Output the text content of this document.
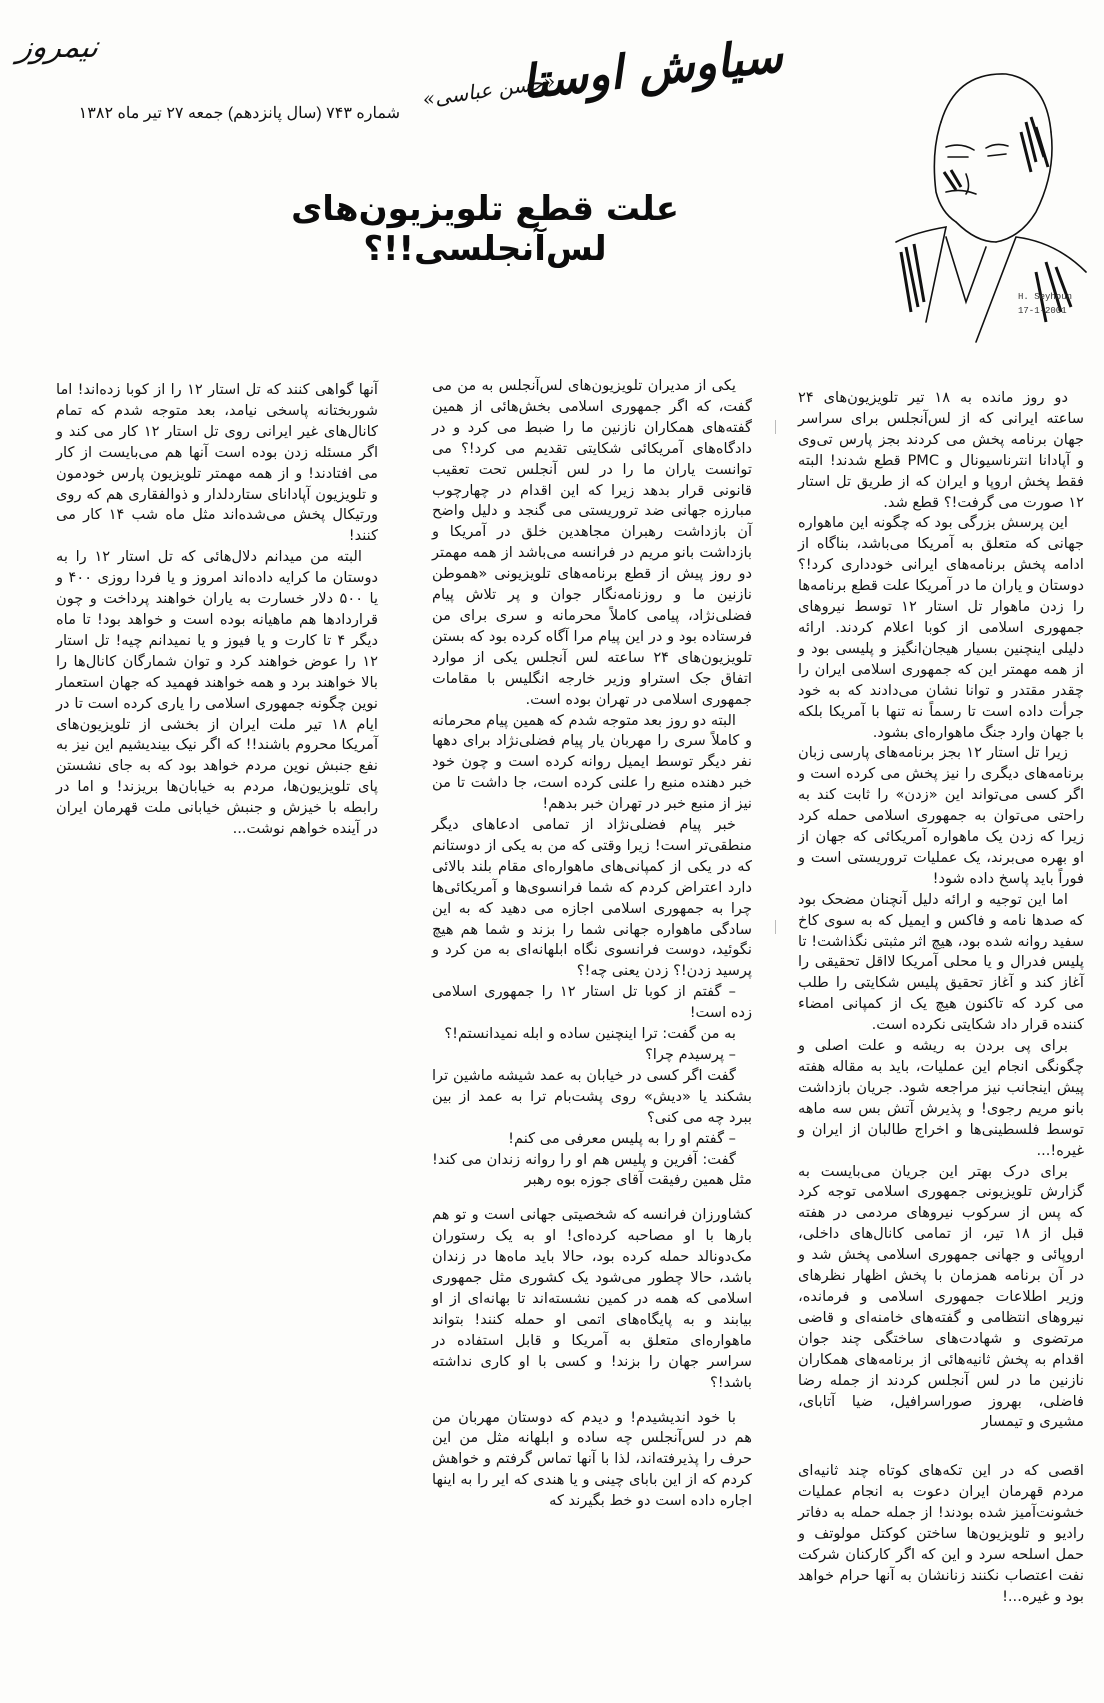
نیمروز	سیاوش اوستا
«حسن عباسی»
شماره ۷۴۳ (سال پانزدهم) جمعه ۲۷ تیر ماه ۱۳۸۲
علت قطع تلویزیون‌های لس‌آنجلسی!!؟
H. Seyhoun
17-1-2001

دو روز مانده به ۱۸ تیر تلویزیون‌های ۲۴ ساعته ایرانی که از لس‌آنجلس برای سراسر جهان برنامه پخش می کردند بجز پارس تی‌وی و آپادانا انترناسیونال و PMC قطع شدند! البته فقط پخش اروپا و ایران که از طریق تل استار ۱۲ صورت می گرفت!؟ قطع شد.

این پرسش بزرگی بود که چگونه این ماهواره جهانی که متعلق به آمریکا می‌باشد، بناگاه از ادامه پخش برنامه‌های ایرانی خودداری کرد!؟ دوستان و یاران ما در آمریکا علت قطع برنامه‌ها را زدن ماهوار تل استار ۱۲ توسط نیروهای جمهوری اسلامی از کوبا اعلام کردند. ارائه دلیلی اینچنین بسیار هیجان‌انگیز و پلیسی بود و از همه مهمتر این که جمهوری اسلامی ایران را چقدر مقتدر و توانا نشان می‌دادند که به خود جرأت داده است تا رسماً نه تنها با آمریکا بلکه با جهان وارد جنگ ماهواره‌ای بشود.

زیرا تل استار ۱۲ بجز برنامه‌های پارسی زبان برنامه‌های دیگری را نیز پخش می کرده است و اگر کسی می‌تواند این «زدن» را ثابت کند به راحتی می‌توان به جمهوری اسلامی حمله کرد زیرا که زدن یک ماهواره آمریکائی که جهان از او بهره می‌برند، یک عملیات تروریستی است و فوراً باید پاسخ داده شود!

اما این توجیه و ارائه دلیل آنچنان مضحک بود که صدها نامه و فاکس و ایمیل که به سوی کاخ سفید روانه شده بود، هیچ اثر مثبتی نگذاشت! تا پلیس فدرال و یا محلی آمریکا لااقل تحقیقی را آغاز کند و آغاز تحقیق پلیس شکایتی را طلب می کرد که تاکنون هیچ یک از کمپانی امضاء کننده قرار داد شکایتی نکرده است.

برای پی بردن به ریشه و علت اصلی و چگونگی انجام این عملیات، باید به مقاله هفته پیش اینجانب نیز مراجعه شود. جریان بازداشت بانو مریم رجوی! و پذیرش آتش بس سه ماهه توسط فلسطینی‌ها و اخراج طالبان از ایران و غیره!...

برای درک بهتر این جریان می‌بایست به گزارش تلویزیونی جمهوری اسلامی توجه کرد که پس از سرکوب نیروهای مردمی در هفته قبل از ۱۸ تیر، از تمامی کانال‌های داخلی، اروپائی و جهانی جمهوری اسلامی پخش شد و در آن برنامه همزمان با پخش اظهار نظرهای وزیر اطلاعات جمهوری اسلامی و فرمانده، نیروهای انتظامی و گفته‌های خامنه‌ای و قاضی مرتضوی و شهادت‌های ساختگی چند جوان اقدام به پخش ثانیه‌هائی از برنامه‌های همکاران نازنین ما در لس آنجلس کردند از جمله رضا فاضلی، بهروز صوراسرافیل، ضیا آتابای، مشیری و تیمسار

اقصی که در این تکه‌های کوتاه چند ثانیه‌ای مردم قهرمان ایران دعوت به انجام عملیات خشونت‌آمیز شده بودند! از جمله حمله به دفاتر رادیو و تلویزیون‌ها ساختن کوکتل مولوتف و حمل اسلحه سرد و این که اگر کارکنان شرکت نفت اعتصاب نکنند زنانشان به آنها حرام خواهد بود و غیره...!

یکی از مدیران تلویزیون‌های لس‌آنجلس به من می گفت، که اگر جمهوری اسلامی بخش‌هائی از همین گفته‌های همکاران نازنین ما را ضبط می کرد و در دادگاه‌های آمریکائی شکایتی تقدیم می کرد!؟ می توانست یاران ما را در لس آنجلس تحت تعقیب قانونی قرار بدهد زیرا که این اقدام در چهارچوب مبارزه جهانی ضد تروریستی می گنجد و دلیل واضح آن بازداشت رهبران مجاهدین خلق در آمریکا و بازداشت بانو مریم در فرانسه می‌باشد از همه مهمتر دو روز پیش از قطع برنامه‌های تلویزیونی «هموطن نازنین ما و روزنامه‌نگار جوان و پر تلاش پیام فضلی‌نژاد، پیامی کاملاً محرمانه و سری برای من فرستاده بود و در این پیام مرا آگاه کرده بود که بستن تلویزیون‌های ۲۴ ساعته لس آنجلس یکی از موارد اتفاق جک استراو وزیر خارجه انگلیس با مقامات جمهوری اسلامی در تهران بوده است.

البته دو روز بعد متوجه شدم که همین پیام محرمانه و کاملاً سری را مهربان یار پیام فضلی‌نژاد برای دهها نفر دیگر توسط ایمیل روانه کرده است و چون خود خبر دهنده منبع را علنی کرده است، جا داشت تا من نیز از منبع خبر در تهران خبر بدهم!

خبر پیام فضلی‌نژاد از تمامی ادعاهای دیگر منطقی‌تر است! زیرا وقتی که من به یکی از دوستانم که در یکی از کمپانی‌های ماهواره‌ای مقام بلند بالائی دارد اعتراض کردم که شما فرانسوی‌ها و آمریکائی‌ها چرا به جمهوری اسلامی اجازه می دهید که به این سادگی ماهواره جهانی شما را بزند و شما هم هیچ نگوئید، دوست فرانسوی نگاه ابلهانه‌ای به من کرد و پرسید زدن!؟ زدن یعنی چه!؟

– گفتم از کوبا تل استار ۱۲ را جمهوری اسلامی زده است!

به من گفت: ترا اینچنین ساده و ابله نمیدانستم!؟

– پرسیدم چرا؟

گفت اگر کسی در خیابان به عمد شیشه ماشین ترا بشکند یا «دیش» روی پشت‌بام ترا به عمد از بین ببرد چه می کنی؟

– گفتم او را به پلیس معرفی می کنم!

گفت: آفرین و پلیس هم او را روانه زندان می کند! مثل همین رفیقت آقای جوزه بوه رهبر

کشاورزان فرانسه که شخصیتی جهانی است و تو هم بارها با او مصاحبه کرده‌ای! او به یک رستوران مک‌دونالد حمله کرده بود، حالا باید ماه‌ها در زندان باشد، حالا چطور می‌شود یک کشوری مثل جمهوری اسلامی که همه در کمین نشسته‌اند تا بهانه‌ای از او بیابند و به پایگاه‌های اتمی او حمله کنند! بتواند ماهواره‌ای متعلق به آمریکا و قابل استفاده در سراسر جهان را بزند! و کسی با او کاری نداشته باشد!؟

با خود اندیشیدم! و دیدم که دوستان مهربان من هم در لس‌آنجلس چه ساده و ابلهانه مثل من این حرف را پذیرفته‌اند، لذا با آنها تماس گرفتم و خواهش کردم که از این بابای چینی و یا هندی که ایر را به اینها اجاره داده است دو خط بگیرند که

آنها گواهی کنند که تل استار ۱۲ را از کوبا زده‌اند! اما شوربختانه پاسخی نیامد، بعد متوجه شدم که تمام کانال‌های غیر ایرانی روی تل استار ۱۲ کار می کند و اگر مسئله زدن بوده است آنها هم می‌بایست از کار می افتادند! و از همه مهمتر تلویزیون پارس خودمون و تلویزیون آپادانای ستاردلدار و ذوالفقاری هم که روی ورتیکال پخش می‌شده‌اند مثل ماه شب ۱۴ کار می کنند!

البته من میدانم دلال‌هائی که تل استار ۱۲ را به دوستان ما کرایه داده‌اند امروز و یا فردا روزی ۴۰۰ و یا ۵۰۰ دلار خسارت به یاران خواهند پرداخت و چون قراردادها هم ماهیانه بوده است و خواهد بود! تا ماه دیگر ۴ تا کارت و یا فیوز و یا نمیدانم چیه! تل استار ۱۲ را عوض خواهند کرد و توان شمارگان کانال‌ها را بالا خواهند برد و همه خواهند فهمید که جهان استعمار نوین چگونه جمهوری اسلامی را یاری کرده است تا در ایام ۱۸ تیر ملت ایران از بخشی از تلویزیون‌های آمریکا محروم باشند!! که اگر نیک بیندیشیم این نیز به نفع جنبش نوین مردم خواهد بود که به جای نشستن پای تلویزیون‌ها، مردم به خیابان‌ها بریزند! و اما در رابطه با خیزش و جنبش خیابانی ملت قهرمان ایران در آینده خواهم نوشت...
